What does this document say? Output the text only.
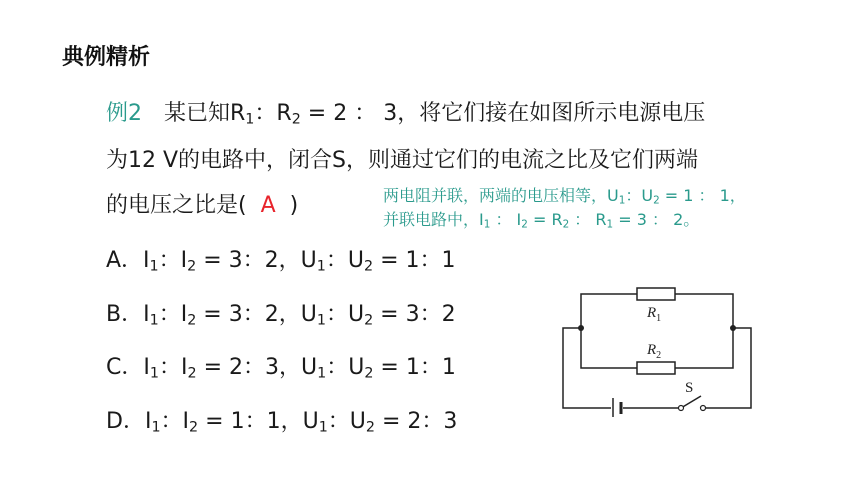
典例精析
例2 某已知$R_1$：$R_2 = 2$ ： 3，将它们接在如图所示电源电压
为12 V的电路中，闭合S，则通过它们的电流之比及它们两端
的电压之比是(  A  )	两电阻并联，两端的电压相等，$U_1$：$U_2 = 1$ ： 1，
并联电路中，$I_1$ ： $I_2 = R_2$ ： $R_1 = 3$ ： 2。
A．$I_1$：$I_2 = 3$：2，$U_1$：$U_2 = 1$：1
B．$I_1$：$I_2 = 3$：2，$U_1$：$U_2 = 3$：2
C．$I_1$：$I_2 = 2$：3，$U_1$：$U_2 = 1$：1
D．$I_1$：$I_2 = 1$：1，$U_1$：$U_2 = 2$：3
$R_1$
$R_2$
S
